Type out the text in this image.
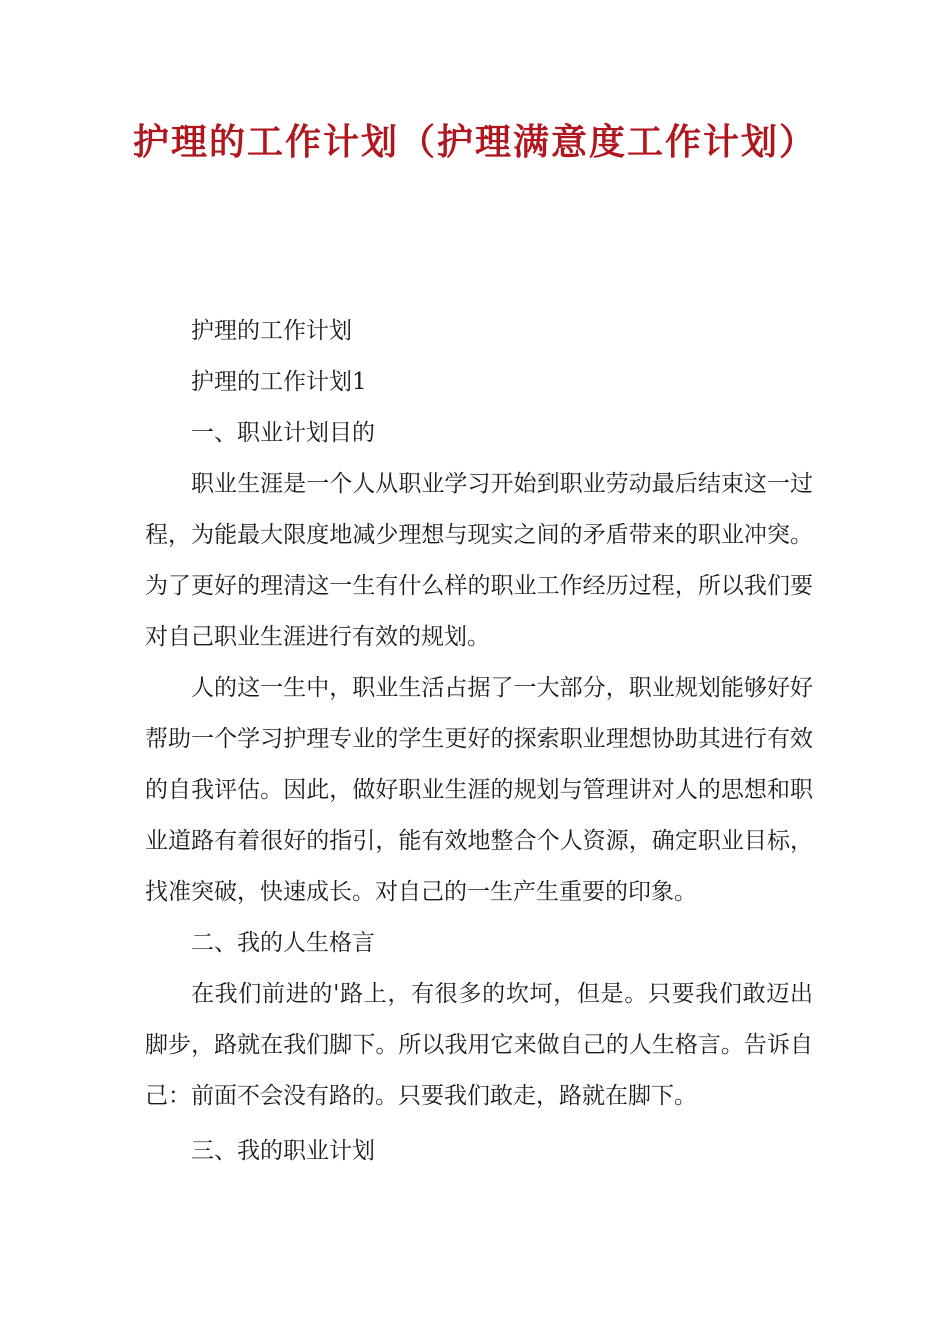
护理的工作计划（护理满意度工作计划）

护理的工作计划

护理的工作计划1

一、职业计划目的

职业生涯是一个人从职业学习开始到职业劳动最后结束这一过程，为能最大限度地减少理想与现实之间的矛盾带来的职业冲突。为了更好的理清这一生有什么样的职业工作经历过程，所以我们要对自己职业生涯进行有效的规划。

人的这一生中，职业生活占据了一大部分，职业规划能够好好帮助一个学习护理专业的学生更好的探索职业理想协助其进行有效的自我评估。因此，做好职业生涯的规划与管理讲对人的思想和职业道路有着很好的指引，能有效地整合个人资源，确定职业目标，找准突破，快速成长。对自己的一生产生重要的印象。

二、我的人生格言

在我们前进的'路上，有很多的坎坷，但是。只要我们敢迈出脚步，路就在我们脚下。所以我用它来做自己的人生格言。告诉自己：前面不会没有路的。只要我们敢走，路就在脚下。

三、我的职业计划
